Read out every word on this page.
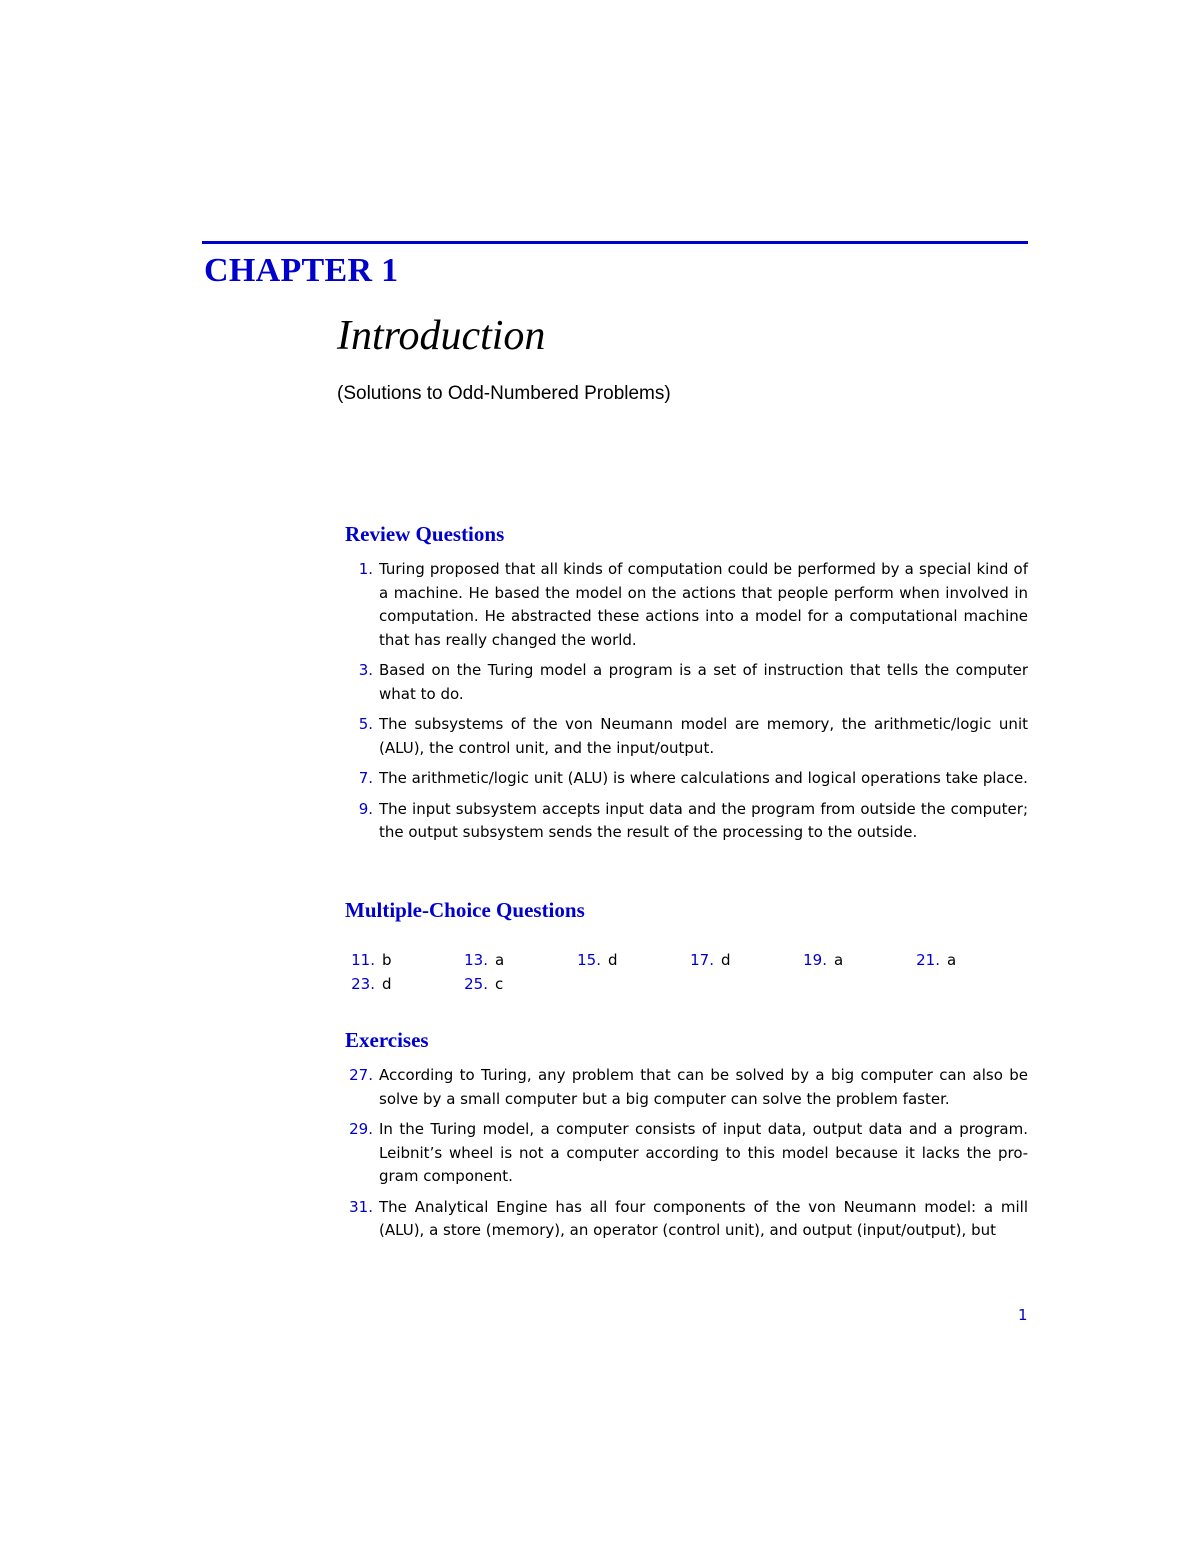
CHAPTER 1
Introduction
(Solutions to Odd-Numbered Problems)
Review Questions
1. Turing proposed that all kinds of computation could be performed by a special kind of a machine. He based the model on the actions that people perform when involved in computation. He abstracted these actions into a model for a computational machine that has really changed the world.
3. Based on the Turing model a program is a set of instruction that tells the computer what to do.
5. The subsystems of the von Neumann model are memory, the arithmetic/logic unit (ALU), the control unit, and the input/output.
7. The arithmetic/logic unit (ALU) is where calculations and logical operations take place.
9. The input subsystem accepts input data and the program from outside the computer; the output subsystem sends the result of the processing to the outside.
Multiple-Choice Questions
11. b	13. a	15. d	17. d	19. a	21. a
23. d	25. c
Exercises
27. According to Turing, any problem that can be solved by a big computer can also be solve by a small computer but a big computer can solve the problem faster.
29. In the Turing model, a computer consists of input data, output data and a program. Leibnit’s wheel is not a computer according to this model because it lacks the program component.
31. The Analytical Engine has all four components of the von Neumann model: a mill (ALU), a store (memory), an operator (control unit), and output (input/output), but
1
